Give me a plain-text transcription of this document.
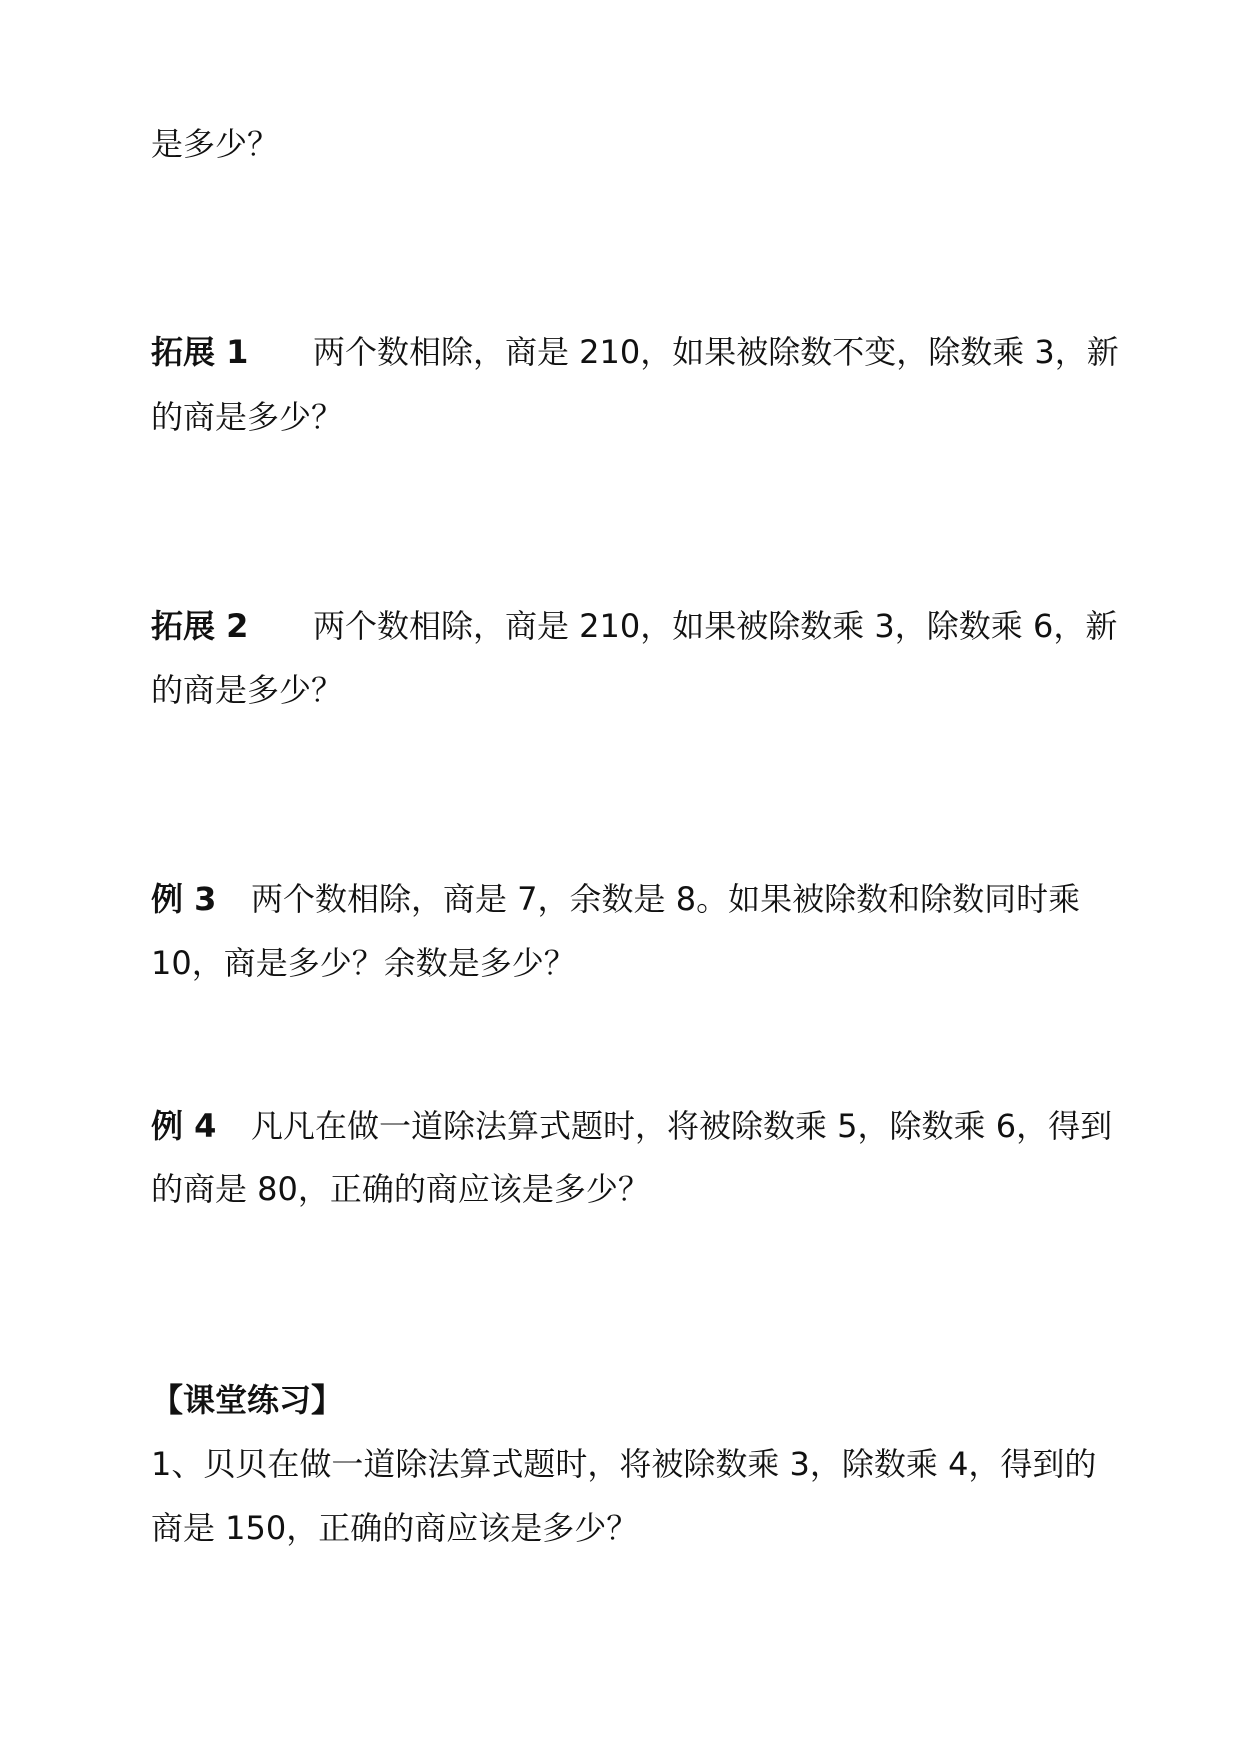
是多少？
拓展 1 两个数相除，商是 210，如果被除数不变，除数乘 3，新
的商是多少？
拓展 2 两个数相除，商是 210，如果被除数乘 3，除数乘 6，新
的商是多少？
例 3 两个数相除，商是 7，余数是 8。如果被除数和除数同时乘
10，商是多少？余数是多少？
例 4 凡凡在做一道除法算式题时，将被除数乘 5，除数乘 6，得到
的商是 80，正确的商应该是多少？
【课堂练习】
1、贝贝在做一道除法算式题时，将被除数乘 3，除数乘 4，得到的
商是 150，正确的商应该是多少？
